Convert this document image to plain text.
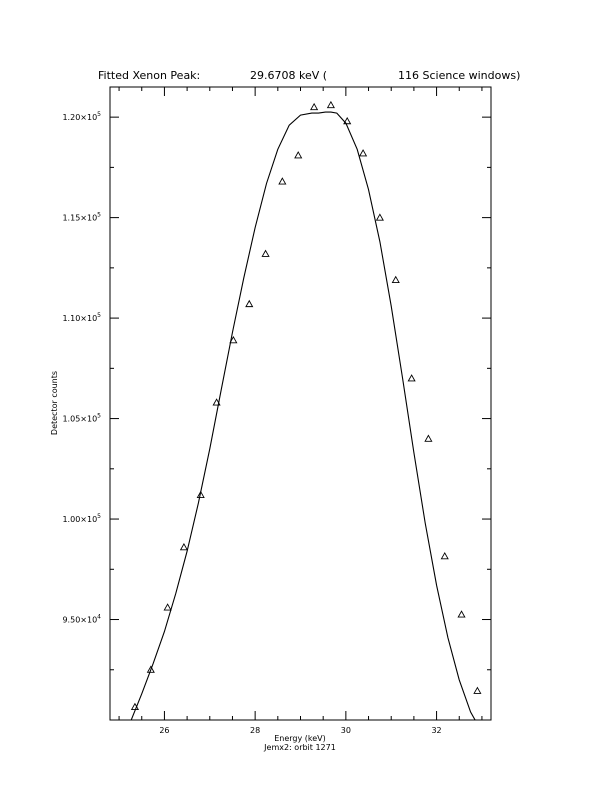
Fitted Xenon Peak:	29.6708 keV (	116 Science windows)
26	28	30	32
$9.50\times 10^4$
$1.00\times 10^5$
$1.05\times 10^5$
$1.10\times 10^5$
$1.15\times 10^5$
$1.20\times 10^5$
Energy (keV)
Jemx2: orbit 1271
Detector counts
